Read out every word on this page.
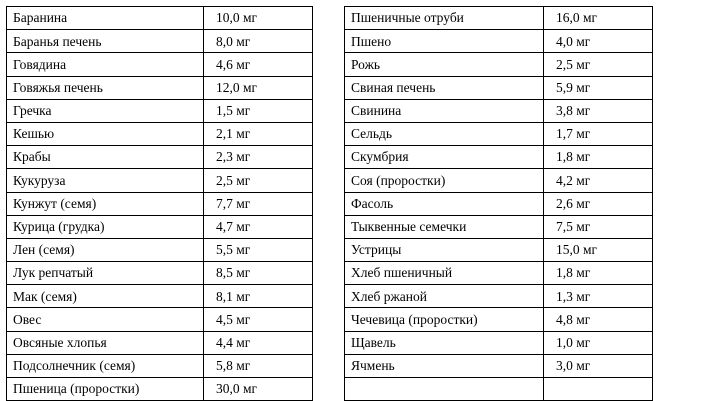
Баранина	10,0 мг
Баранья печень	8,0 мг
Говядина	4,6 мг
Говяжья печень	12,0 мг
Гречка	1,5 мг
Кешью	2,1 мг
Крабы	2,3 мг
Кукуруза	2,5 мг
Кунжут (семя)	7,7 мг
Курица (грудка)	4,7 мг
Лен (семя)	5,5 мг
Лук репчатый	8,5 мг
Мак (семя)	8,1 мг
Овес	4,5 мг
Овсяные хлопья	4,4 мг
Подсолнечник (семя)	5,8 мг
Пшеница (проростки)	30,0 мг
Пшеничные отруби	16,0 мг
Пшено	4,0 мг
Рожь	2,5 мг
Свиная печень	5,9 мг
Свинина	3,8 мг
Сельдь	1,7 мг
Скумбрия	1,8 мг
Соя (проростки)	4,2 мг
Фасоль	2,6 мг
Тыквенные семечки	7,5 мг
Устрицы	15,0 мг
Хлеб пшеничный	1,8 мг
Хлеб ржаной	1,3 мг
Чечевица (проростки)	4,8 мг
Щавель	1,0 мг
Ячмень	3,0 мг
